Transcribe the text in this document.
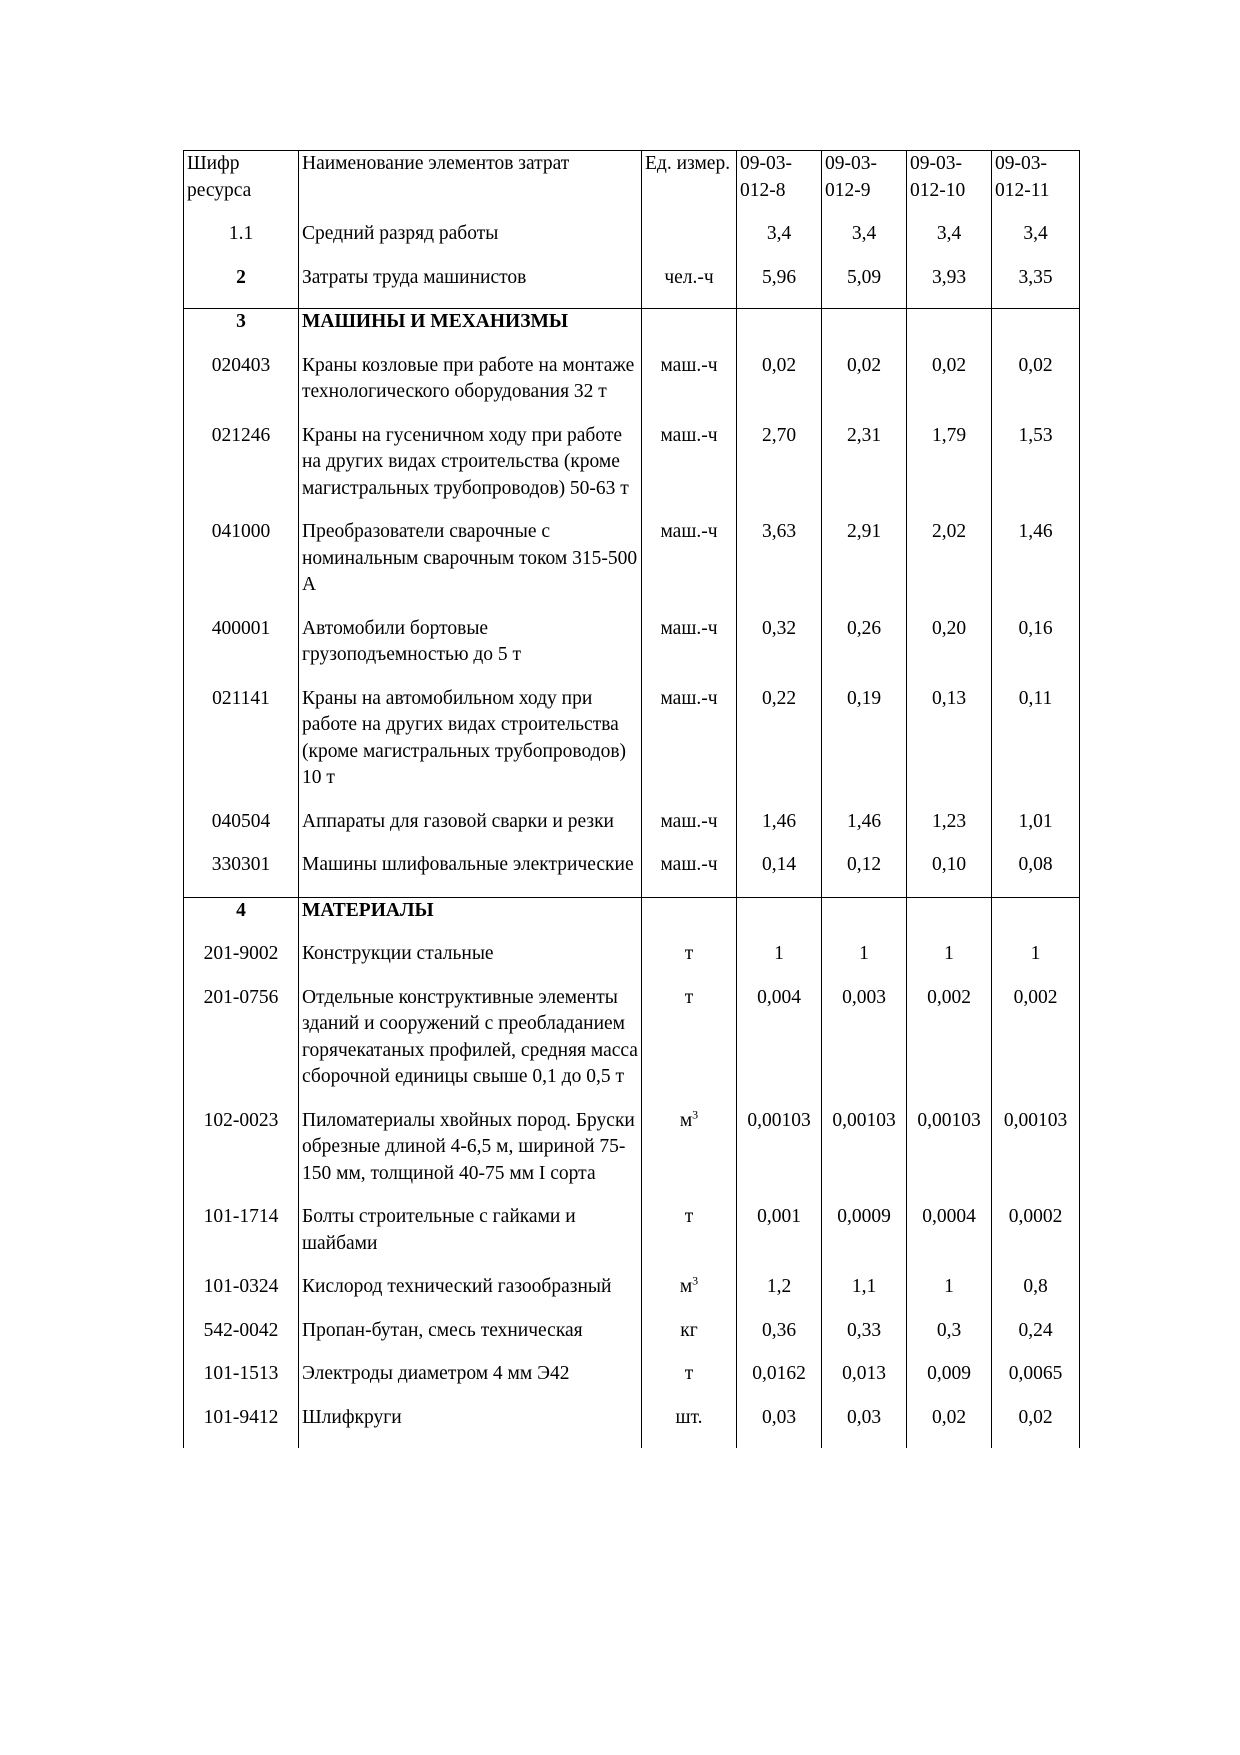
Шифр ресурса	Наименование элементов затрат	Ед. измер.	09-03-012-8	09-03-012-9	09-03-012-10	09-03-012-11
1.1	Средний разряд работы		3,4	3,4	3,4	3,4
2	Затраты труда машинистов	чел.-ч	5,96	5,09	3,93	3,35
3	МАШИНЫ И МЕХАНИЗМЫ					
020403	Краны козловые при работе на монтаже технологического оборудования 32 т	маш.-ч	0,02	0,02	0,02	0,02
021246	Краны на гусеничном ходу при работе на других видах строительства (кроме магистральных трубопроводов) 50-63 т	маш.-ч	2,70	2,31	1,79	1,53
041000	Преобразователи сварочные с номинальным сварочным током 315-500 А	маш.-ч	3,63	2,91	2,02	1,46
400001	Автомобили бортовые грузоподъемностью до 5 т	маш.-ч	0,32	0,26	0,20	0,16
021141	Краны на автомобильном ходу при работе на других видах строительства (кроме магистральных трубопроводов) 10 т	маш.-ч	0,22	0,19	0,13	0,11
040504	Аппараты для газовой сварки и резки	маш.-ч	1,46	1,46	1,23	1,01
330301	Машины шлифовальные электрические	маш.-ч	0,14	0,12	0,10	0,08
4	МАТЕРИАЛЫ					
201-9002	Конструкции стальные	т	1	1	1	1
201-0756	Отдельные конструктивные элементы зданий и сооружений с преобладанием горячекатаных профилей, средняя масса сборочной единицы свыше 0,1 до 0,5 т	т	0,004	0,003	0,002	0,002
102-0023	Пиломатериалы хвойных пород. Бруски обрезные длиной 4-6,5 м, шириной 75-150 мм, толщиной 40-75 мм I сорта	$м^3$	0,00103	0,00103	0,00103	0,00103
101-1714	Болты строительные с гайками и шайбами	т	0,001	0,0009	0,0004	0,0002
101-0324	Кислород технический газообразный	$м^3$	1,2	1,1	1	0,8
542-0042	Пропан-бутан, смесь техническая	кг	0,36	0,33	0,3	0,24
101-1513	Электроды диаметром 4 мм Э42	т	0,0162	0,013	0,009	0,0065
101-9412	Шлифкруги	шт.	0,03	0,03	0,02	0,02
